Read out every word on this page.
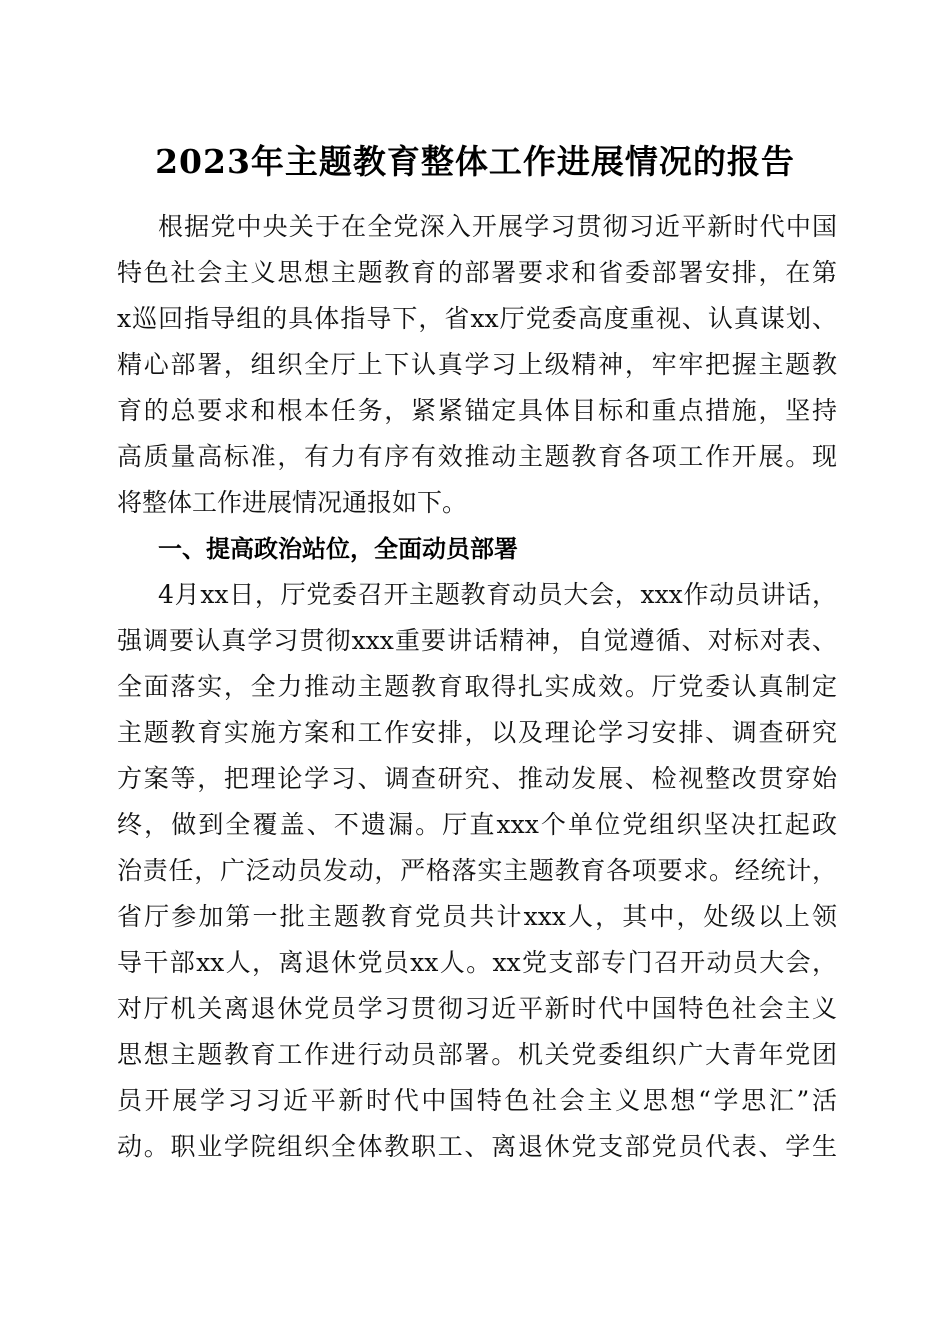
2023年主题教育整体工作进展情况的报告
根据党中央关于在全党深入开展学习贯彻习近平新时代中国
特色社会主义思想主题教育的部署要求和省委部署安排，在第
x巡回指导组的具体指导下，省xx厅党委高度重视、认真谋划、
精心部署，组织全厅上下认真学习上级精神，牢牢把握主题教
育的总要求和根本任务，紧紧锚定具体目标和重点措施，坚持
高质量高标准，有力有序有效推动主题教育各项工作开展。现
将整体工作进展情况通报如下。
一、提高政治站位，全面动员部署
4月xx日，厅党委召开主题教育动员大会，xxx作动员讲话，
强调要认真学习贯彻xxx重要讲话精神，自觉遵循、对标对表、
全面落实，全力推动主题教育取得扎实成效。厅党委认真制定
主题教育实施方案和工作安排，以及理论学习安排、调查研究
方案等，把理论学习、调查研究、推动发展、检视整改贯穿始
终，做到全覆盖、不遗漏。厅直xxx个单位党组织坚决扛起政
治责任，广泛动员发动，严格落实主题教育各项要求。经统计，
省厅参加第一批主题教育党员共计xxx人，其中，处级以上领
导干部xx人，离退休党员xx人。xx党支部专门召开动员大会，
对厅机关离退休党员学习贯彻习近平新时代中国特色社会主义
思想主题教育工作进行动员部署。机关党委组织广大青年党团
员开展学习习近平新时代中国特色社会主义思想“学思汇”活
动。职业学院组织全体教职工、离退休党支部党员代表、学生
